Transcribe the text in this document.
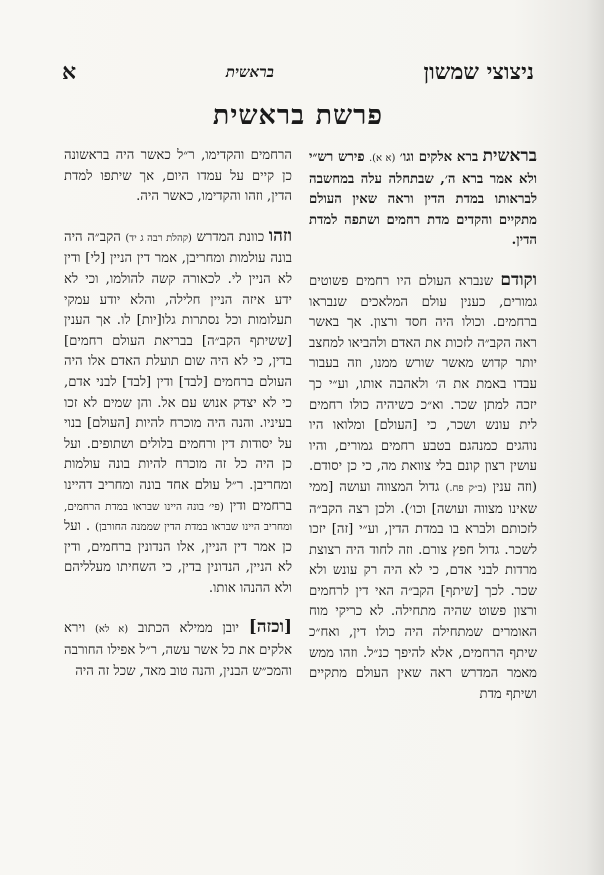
ניצוצי שמשון
בראשית
א
פרשת בראשית

בראשית ברא אלקים וגו׳ (א א). פירש רש״י ולא אמר ברא ה׳, שבתחלה עלה במחשבה לבראותו במדת הדין וראה שאין העולם מתקיים והקדים מדת רחמים ושתפה למדת הדין.

וקודם שנברא העולם היו רחמים פשוטים גמורים, כענין עולם המלאכים שנבראו ברחמים. וכולו היה חסד ורצון. אך באשר ראה הקב״ה לזכות את האדם ולהביאו למחצב יותר קדוש מאשר שורש ממנו, וזה בעבור עבדו באמת את ה׳ ולאהבה אותו, וע״י כך יזכה למתן שכר. וא״כ כשיהיה כולו רחמים לית עונש ושכר, כי [העולם] ומלואו היו נוהגים כמנהגם בטבע רחמים גמורים, והיו עושין רצון קונם בלי צוואת מה, כי כן יסודם. (וזה ענין (ב״ק פח.) גדול המצווה ועושה [ממי שאינו מצווה ועושה] וכו׳). ולכן רצה הקב״ה לזכותם ולברא בו במדת הדין, וע״י [זה] יזכו לשכר. גדול חפץ צורם. וזה לחוד היה רצוצת מרדות לבני אדם, כי לא היה רק עונש ולא שכר. לכך [שיתף] הקב״ה האי דין לרחמים ורצון פשוט שהיה מתחילה. לא כריקי מוח האומרים שמתחילה היה כולו דין, ואח״כ שיתף הרחמים, אלא להיפך כנ״ל. וזהו ממש מאמר המדרש ראה שאין העולם מתקיים ושיתף מדת

הרחמים והקדימו, ר״ל כאשר היה בראשונה כן קיים על עמדו היום, אך שיתפו למדת הדין, וזהו והקדימו, כאשר היה.

וזהו כוונת המדרש (קהלת רבה ג יד) הקב״ה היה בונה עולמות ומחריבן, אמר דין הניין [לי] ודין לא הניין לי. לכאורה קשה להולמו, וכי לא ידע איזה הניין חלילה, והלא יודע עמקי תעלומות וכל נסתרות גלו[יות] לו. אך הענין [ששיתף הקב״ה] בבריאת העולם רחמים] בדין, כי לא היה שום תועלת האדם אלו היה העולם ברחמים [לבד] ודין [לבד] לבני אדם, כי לא יצדק אנוש עם אל. והן שמים לא זכו בעיניו. והנה היה מוכרח להיות [העולם] בנוי על יסודות דין ורחמים בלולים ושתופים. ועל כן היה כל זה מוכרח להיות בונה עולמות ומחריבן. ר״ל עולם אחד בונה ומחריב דהיינו ברחמים ודין (פי׳ בונה היינו שבראו במדת הרחמים, ומחריב היינו שבראו במדת הדין שממנה החורבן) . ועל כן אמר דין הניין, אלו הנדונין ברחמים, ודין לא הניין, הנדונין בדין, כי השחיתו מעלליהם ולא ההנהו אותו.

[וכזה] יובן ממילא הכתוב (א לא) וירא אלקים את כל אשר עשה, ר״ל אפילו החורבה והמכ״ש הבנין, והנה טוב מאד, שכל זה היה
